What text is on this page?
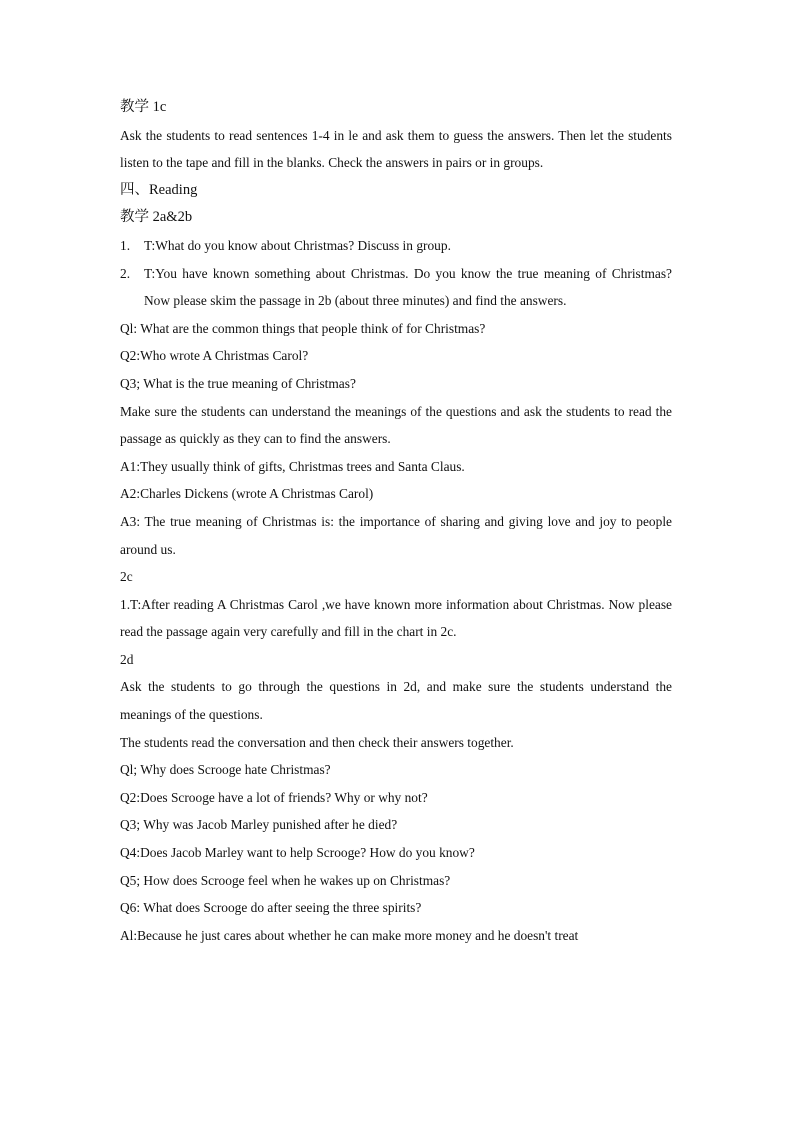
教学 1c
Ask the students to read sentences 1-4 in le and ask them to guess the answers. Then let the students listen to the tape and fill in the blanks. Check the answers in pairs or in groups.
四、Reading
教学 2a&2b
1.	T:What do you know about Christmas? Discuss in group.
2.	T:You have known something about Christmas. Do you know the true meaning of Christmas? Now please skim the passage in 2b (about three minutes) and find the answers.
Ql: What are the common things that people think of for Christmas?
Q2:Who wrote A Christmas Carol?
Q3; What is the true meaning of Christmas?
Make sure the students can understand the meanings of the questions and ask the students to read the passage as quickly as they can to find the answers.
A1:They usually think of gifts, Christmas trees and Santa Claus.
A2:Charles Dickens (wrote A Christmas Carol)
A3: The true meaning of Christmas is: the importance of sharing and giving love and joy to people around us.
2c
1.T:After reading A Christmas Carol ,we have known more information about Christmas. Now please read the passage again very carefully and fill in the chart in 2c.
2d
Ask the students to go through the questions in 2d, and make sure the students understand the meanings of the questions.
The students read the conversation and then check their answers together.
Ql; Why does Scrooge hate Christmas?
Q2:Does Scrooge have a lot of friends? Why or why not?
Q3; Why was Jacob Marley punished after he died?
Q4:Does Jacob Marley want to help Scrooge? How do you know?
Q5; How does Scrooge feel when he wakes up on Christmas?
Q6: What does Scrooge do after seeing the three spirits?
Al:Because he just cares about whether he can make more money and he doesn't treat
